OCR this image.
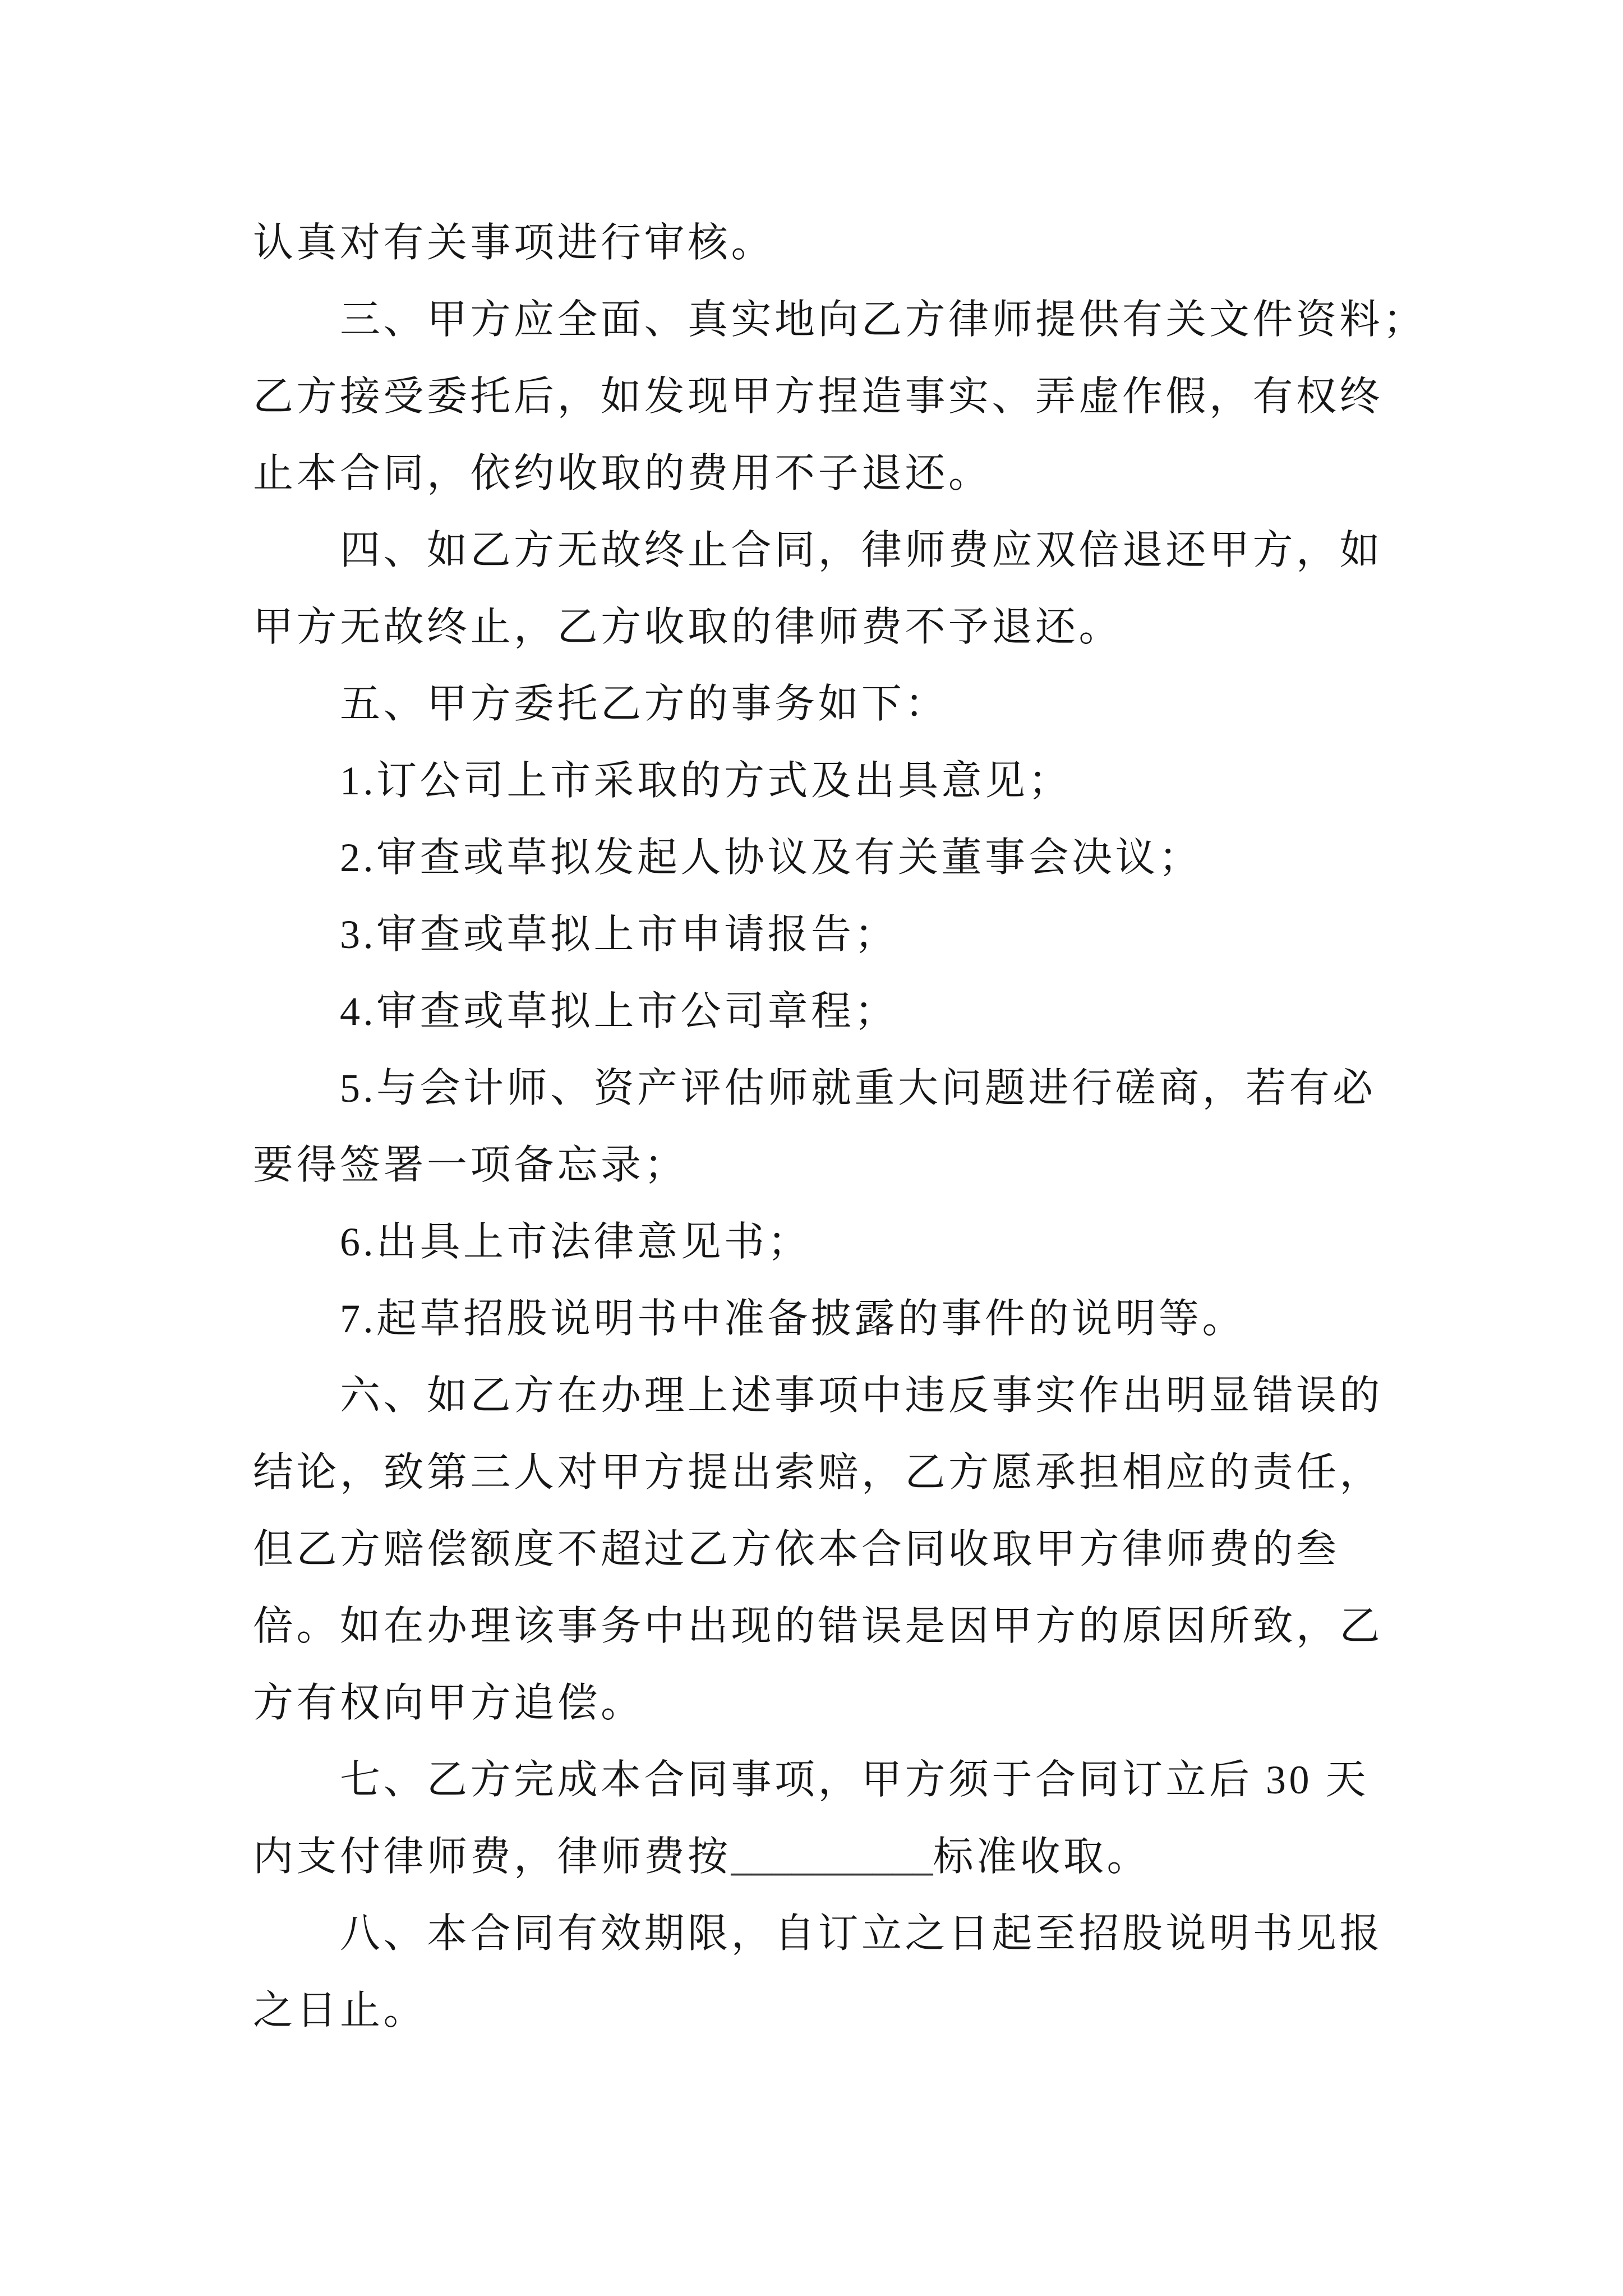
认真对有关事项进行审核。
三、甲方应全面、真实地向乙方律师提供有关文件资料；
乙方接受委托后，如发现甲方捏造事实、弄虚作假，有权终
止本合同，依约收取的费用不子退还。
四、如乙方无故终止合同，律师费应双倍退还甲方，如
甲方无故终止，乙方收取的律师费不予退还。
五、甲方委托乙方的事务如下：
1.订公司上市采取的方式及出具意见；
2.审查或草拟发起人协议及有关董事会决议；
3.审查或草拟上市申请报告；
4.审查或草拟上市公司章程；
5.与会计师、资产评估师就重大问题进行磋商，若有必
要得签署一项备忘录；
6.出具上市法律意见书；
7.起草招股说明书中准备披露的事件的说明等。
六、如乙方在办理上述事项中违反事实作出明显错误的
结论，致第三人对甲方提出索赔，乙方愿承担相应的责任，
但乙方赔偿额度不超过乙方依本合同收取甲方律师费的叁
倍。如在办理该事务中出现的错误是因甲方的原因所致，乙
方有权向甲方追偿。
七、乙方完成本合同事项，甲方须于合同订立后 30 天
内支付律师费，律师费按__________标准收取。
八、本合同有效期限，自订立之日起至招股说明书见报
之日止。
